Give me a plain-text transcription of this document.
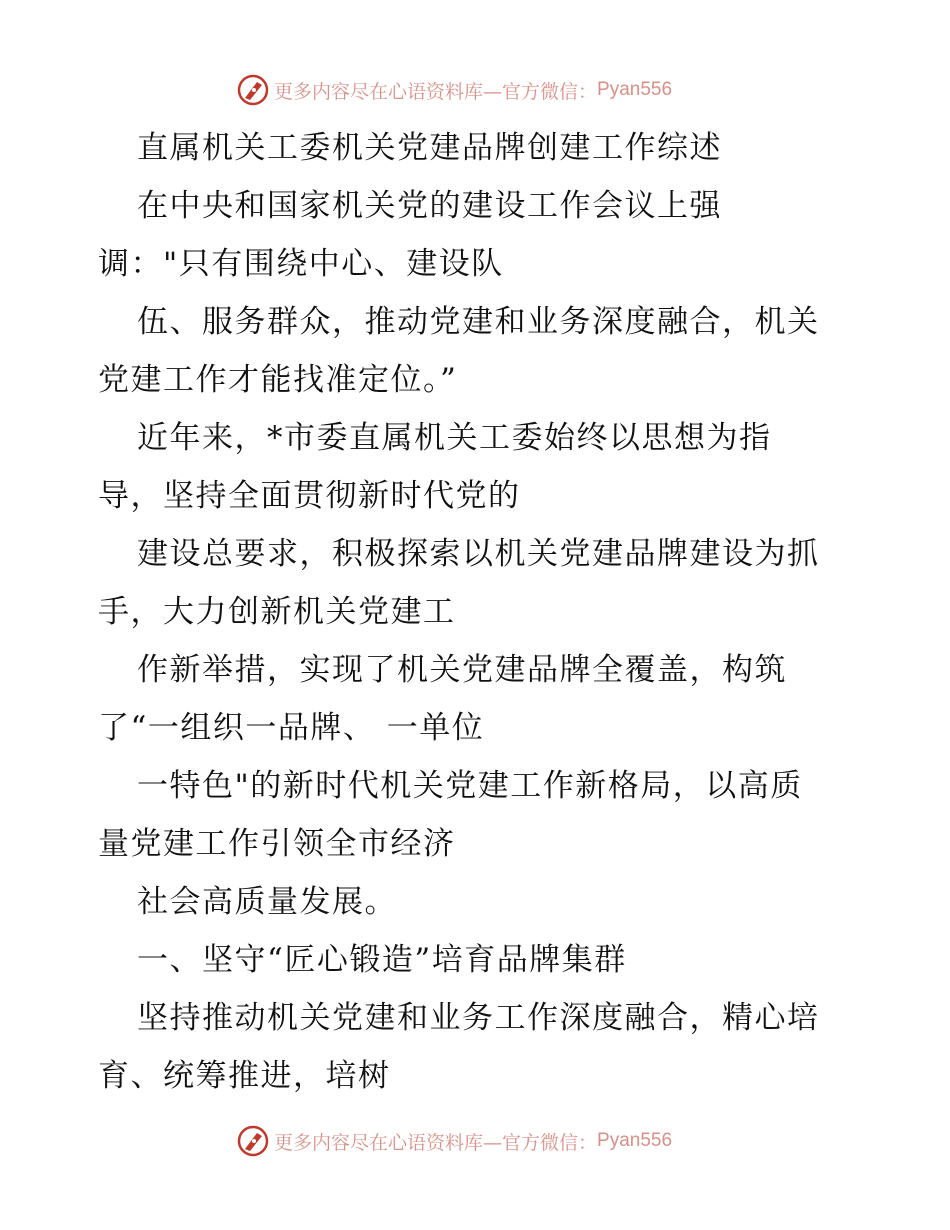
更多内容尽在心语资料库—官方微信： Pyan556
直属机关工委机关党建品牌创建工作综述
在中央和国家机关党的建设工作会议上强
调："只有围绕中心、建设队
伍、服务群众，推动党建和业务深度融合，机关
党建工作才能找准定位。”
近年来，*市委直属机关工委始终以思想为指
导，坚持全面贯彻新时代党的
建设总要求，积极探索以机关党建品牌建设为抓
手，大力创新机关党建工
作新举措，实现了机关党建品牌全覆盖，构筑
了“一组织一品牌、 一单位
一特色"的新时代机关党建工作新格局，以高质
量党建工作引领全市经济
社会高质量发展。
一、坚守“匠心锻造”培育品牌集群
坚持推动机关党建和业务工作深度融合，精心培
育、统筹推进，培树
更多内容尽在心语资料库—官方微信： Pyan556
